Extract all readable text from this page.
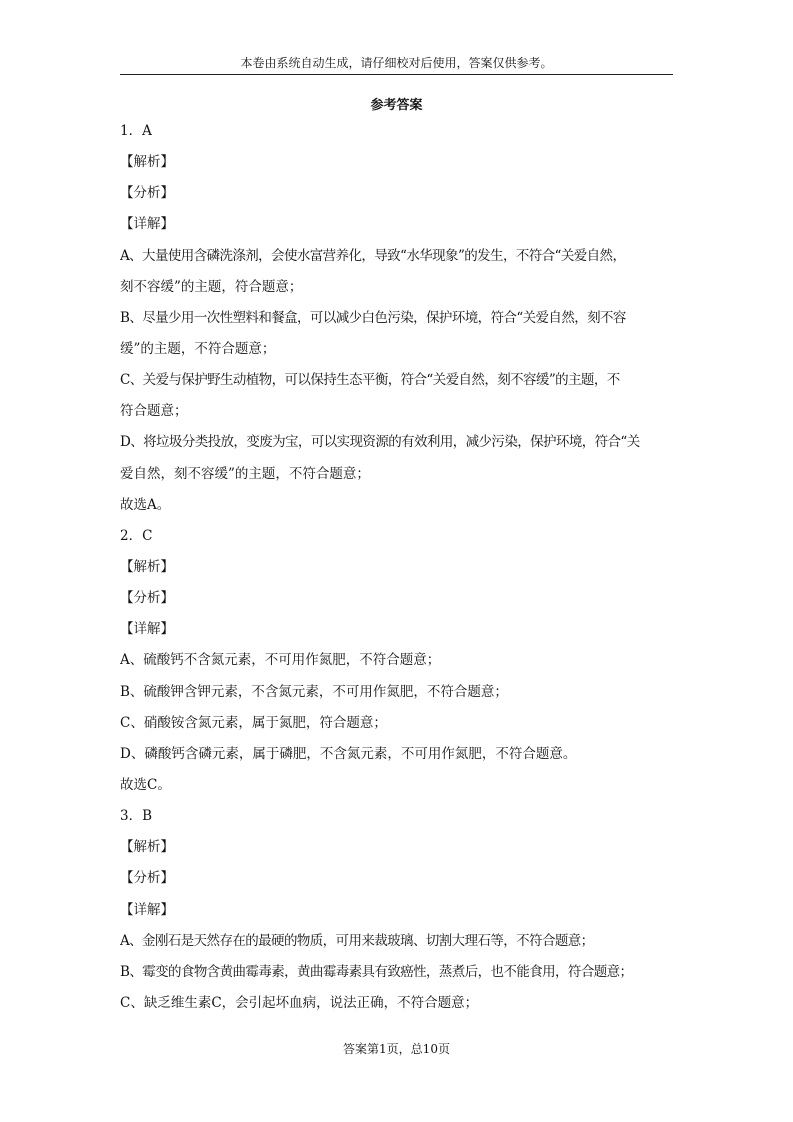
本卷由系统自动生成，请仔细校对后使用，答案仅供参考。
参考答案
1．A
【解析】
【分析】
【详解】
A、大量使用含磷洗涤剂，会使水富营养化，导致“水华现象”的发生，不符合“关爱自然，
刻不容缓”的主题，符合题意；
B、尽量少用一次性塑料和餐盒，可以减少白色污染，保护环境，符合“关爱自然，刻不容
缓”的主题，不符合题意；
C、关爱与保护野生动植物，可以保持生态平衡，符合“关爱自然，刻不容缓”的主题，不
符合题意；
D、将垃圾分类投放，变废为宝，可以实现资源的有效利用，减少污染，保护环境，符合“关
爱自然，刻不容缓”的主题，不符合题意；
故选A。
2．C
【解析】
【分析】
【详解】
A、硫酸钙不含氮元素，不可用作氮肥，不符合题意；
B、硫酸钾含钾元素，不含氮元素，不可用作氮肥，不符合题意；
C、硝酸铵含氮元素，属于氮肥，符合题意；
D、磷酸钙含磷元素，属于磷肥，不含氮元素，不可用作氮肥，不符合题意。
故选C。
3．B
【解析】
【分析】
【详解】
A、金刚石是天然存在的最硬的物质，可用来裁玻璃、切割大理石等，不符合题意；
B、霉变的食物含黄曲霉毒素，黄曲霉毒素具有致癌性，蒸煮后，也不能食用，符合题意；
C、缺乏维生素C，会引起坏血病，说法正确，不符合题意；
答案第1页，总10页
